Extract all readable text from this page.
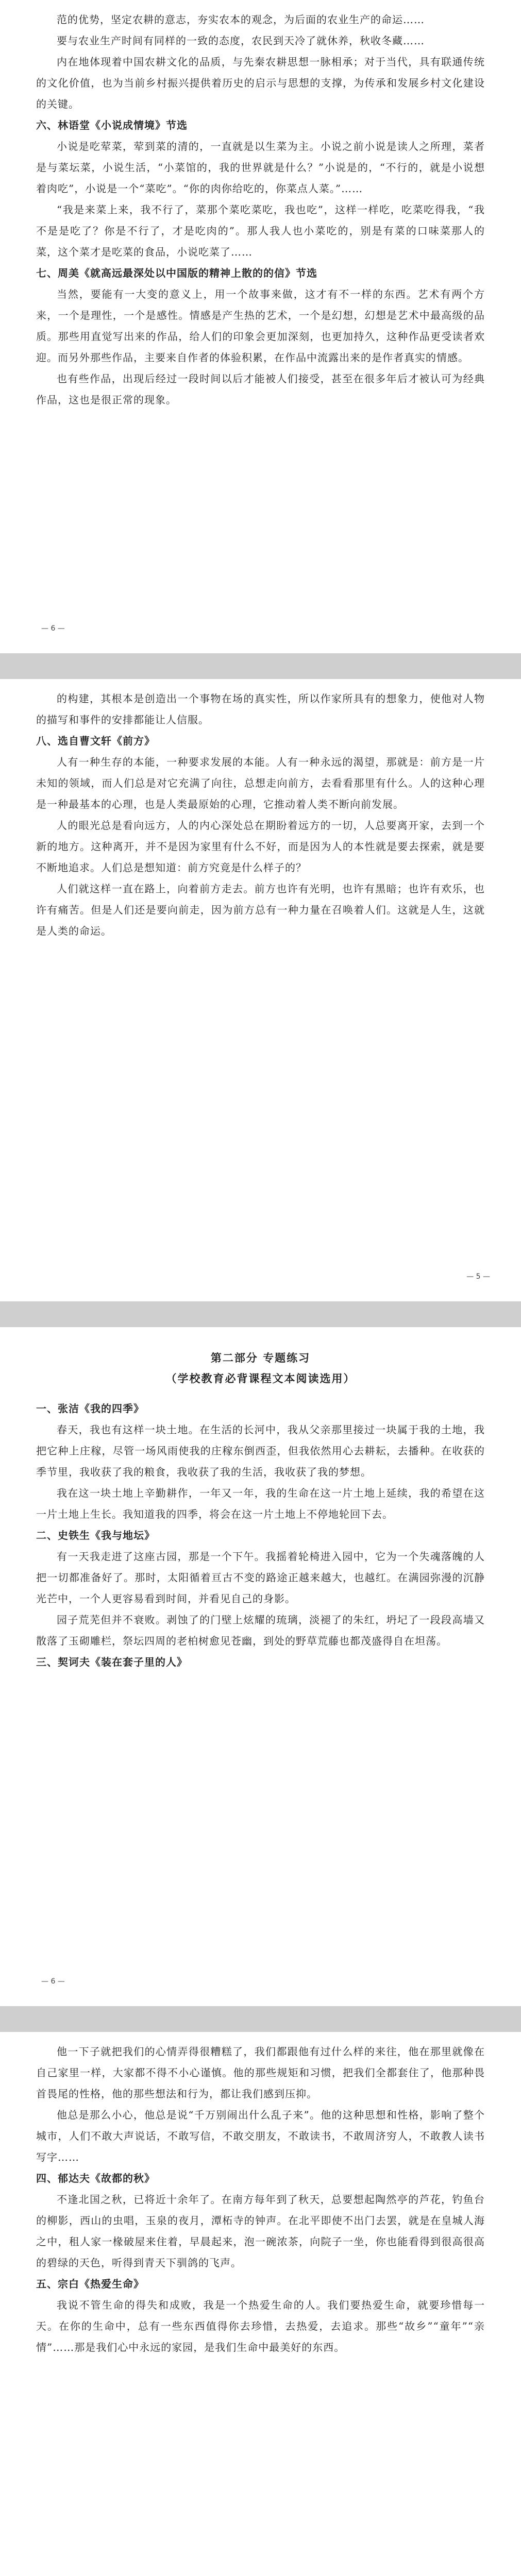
范的优势，坚定农耕的意志，夯实农本的观念，为后面的农业生产的命运……

要与农业生产时间有同样的一致的态度，农民到天冷了就休养，秋收冬藏……

内在地体现着中国农耕文化的品质，与先秦农耕思想一脉相承；对于当代，具有联通传统的文化价值，也为当前乡村振兴提供着历史的启示与思想的支撑，为传承和发展乡村文化建设的关键。

六、林语堂《小说成情境》节选

小说是吃荤菜，荤到菜的清的，一直就是以生菜为主。小说之前小说是读人之所理，菜者是与菜坛菜，小说生活，“小菜馆的，我的世界就是什么？”小说是的，“不行的，就是小说想着肉吃”，小说是一个“菜吃”。“你的肉你给吃的，你菜点人菜。”……

“我是来菜上来，我不行了，菜那个菜吃菜吃，我也吃”，这样一样吃，吃菜吃得我，“我不是是吃了？你是不行了，才是吃肉的”。那人我人也小菜吃的，别是有菜的口味菜那人的菜，这个菜才是吃菜的食品，小说吃菜了……

七、周美《就高远最深处以中国版的精神上散的的信》节选

当然，要能有一大变的意义上，用一个故事来做，这才有不一样的东西。艺术有两个方来，一个是理性，一个是感性。情感是产生热的艺术，一个是幻想，幻想是艺术中最高级的品质。那些用直觉写出来的作品，给人们的印象会更加深刻，也更加持久，这种作品更受读者欢迎。而另外那些作品，主要来自作者的体验积累，在作品中流露出来的是作者真实的情感。

也有些作品，出现后经过一段时间以后才能被人们接受，甚至在很多年后才被认可为经典作品，这也是很正常的现象。

— 6 —

的构建，其根本是创造出一个事物在场的真实性，所以作家所具有的想象力，使他对人物的描写和事件的安排都能让人信服。

八、选自曹文轩《前方》

人有一种生存的本能，一种要求发展的本能。人有一种永远的渴望，那就是：前方是一片未知的领域，而人们总是对它充满了向往，总想走向前方，去看看那里有什么。人的这种心理是一种最基本的心理，也是人类最原始的心理，它推动着人类不断向前发展。

人的眼光总是看向远方，人的内心深处总在期盼着远方的一切，人总要离开家，去到一个新的地方。这种离开，并不是因为家里有什么不好，而是因为人的本性就是要去探索，就是要不断地追求。人们总是想知道：前方究竟是什么样子的？

人们就这样一直在路上，向着前方走去。前方也许有光明，也许有黑暗；也许有欢乐，也许有痛苦。但是人们还是要向前走，因为前方总有一种力量在召唤着人们。这就是人生，这就是人类的命运。

— 5 —
第二部分 专题练习
（学校教育必背课程文本阅读选用）

一、张洁《我的四季》

春天，我也有这样一块土地。在生活的长河中，我从父亲那里接过一块属于我的土地，我把它种上庄稼，尽管一场风雨使我的庄稼东倒西歪，但我依然用心去耕耘，去播种。在收获的季节里，我收获了我的粮食，我收获了我的生活，我收获了我的梦想。

我在这一块土地上辛勤耕作，一年又一年，我的生命在这一片土地上延续，我的希望在这一片土地上生长。我知道我的四季，将会在这一片土地上不停地轮回下去。

二、史铁生《我与地坛》

有一天我走进了这座古园，那是一个下午。我摇着轮椅进入园中，它为一个失魂落魄的人把一切都准备好了。那时，太阳循着亘古不变的路途正越来越大，也越红。在满园弥漫的沉静光芒中，一个人更容易看到时间，并看见自己的身影。

园子荒芜但并不衰败。剥蚀了的门壁上炫耀的琉璃，淡褪了的朱红，坍圮了一段段高墙又散落了玉砌雕栏，祭坛四周的老柏树愈见苍幽，到处的野草荒藤也都茂盛得自在坦荡。

三、契诃夫《装在套子里的人》

— 6 —

他一下子就把我们的心情弄得很糟糕了，我们都跟他有过什么样的来往，他在那里就像在自己家里一样，大家都不得不小心谨慎。他的那些规矩和习惯，把我们全都套住了，他那种畏首畏尾的性格，他的那些想法和行为，都让我们感到压抑。

他总是那么小心，他总是说“千万别闹出什么乱子来”。他的这种思想和性格，影响了整个城市，人们不敢大声说话，不敢写信，不敢交朋友，不敢读书，不敢周济穷人，不敢教人读书写字……

四、郁达夫《故都的秋》

不逢北国之秋，已将近十余年了。在南方每年到了秋天，总要想起陶然亭的芦花，钓鱼台的柳影，西山的虫唱，玉泉的夜月，潭柘寺的钟声。在北平即使不出门去罢，就是在皇城人海之中，租人家一椽破屋来住着，早晨起来，泡一碗浓茶，向院子一坐，你也能看得到很高很高的碧绿的天色，听得到青天下驯鸽的飞声。

五、宗白《热爱生命》

我说不管生命的得失和成败，我是一个热爱生命的人。我们要热爱生命，就要珍惜每一天。在你的生命中，总有一些东西值得你去珍惜，去热爱，去追求。那些“故乡”“童年”“亲情”……那是我们心中永远的家园，是我们生命中最美好的东西。
